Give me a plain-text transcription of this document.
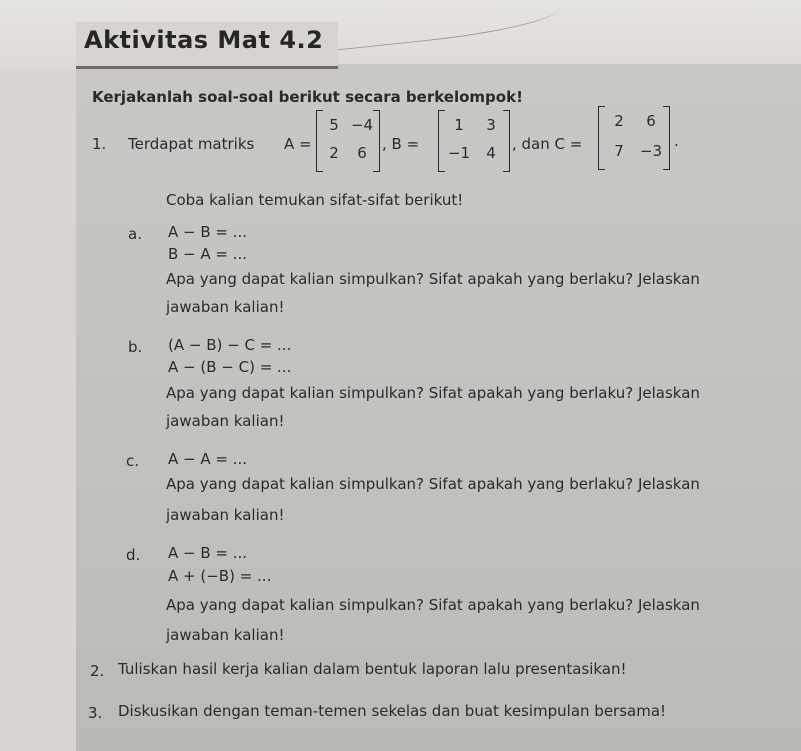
Aktivitas Mat 4.2
Kerjakanlah soal-soal berikut secara berkelompok!
1. Terdapat matriks A =
5 −4
2	6	, B =
1	3
−1	4	, dan C =
2	6
7	−3
.
Coba kalian temukan sifat-sifat berikut!
a. A − B = ...
B − A = ...
Apa yang dapat kalian simpulkan? Sifat apakah yang berlaku? Jelaskan
jawaban kalian!
b. (A − B) − C = ...
A − (B − C) = ...
Apa yang dapat kalian simpulkan? Sifat apakah yang berlaku? Jelaskan
jawaban kalian!
c. A − A = ...
Apa yang dapat kalian simpulkan? Sifat apakah yang berlaku? Jelaskan
jawaban kalian!
d. A − B = ...
A + (−B) = ...
Apa yang dapat kalian simpulkan? Sifat apakah yang berlaku? Jelaskan
jawaban kalian!
2. Tuliskan hasil kerja kalian dalam bentuk laporan lalu presentasikan!
3. Diskusikan dengan teman-temen sekelas dan buat kesimpulan bersama!
